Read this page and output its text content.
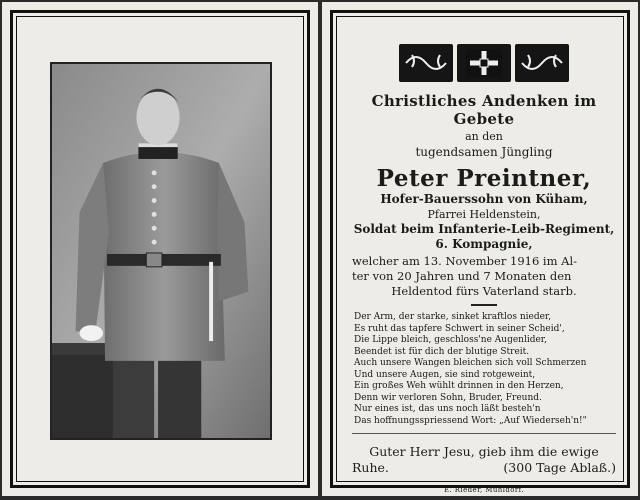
Christliches Andenken im Gebete
an den
tugendsamen Jüngling
Peter Preintner,
Hofer-Bauerssohn von Küham,
Pfarrei Heldenstein,
Soldat beim Infanterie-Leib-Regiment,
6. Kompagnie,
welcher am 13. November 1916 im Al-
ter von 20 Jahren und 7 Monaten den
Heldentod fürs Vaterland starb.
Der Arm, der starke, sinket kraftlos nieder,
Es ruht das tapfere Schwert in seiner Scheid',
Die Lippe bleich, geschloss'ne Augenlider,
Beendet ist für dich der blutige Streit.
Auch unsere Wangen bleichen sich voll Schmerzen
Und unsere Augen, sie sind rotgeweint,
Ein großes Weh wühlt drinnen in den Herzen,
Denn wir verloren Sohn, Bruder, Freund.
Nur eines ist, das uns noch läßt besteh'n
Das hoffnungsspriessend Wort: „Auf Wiederseh'n!"
Guter Herr Jesu, gieb ihm die ewige
Ruhe.	(300 Tage Ablaß.)
E. Rieder, Mühldorf.
